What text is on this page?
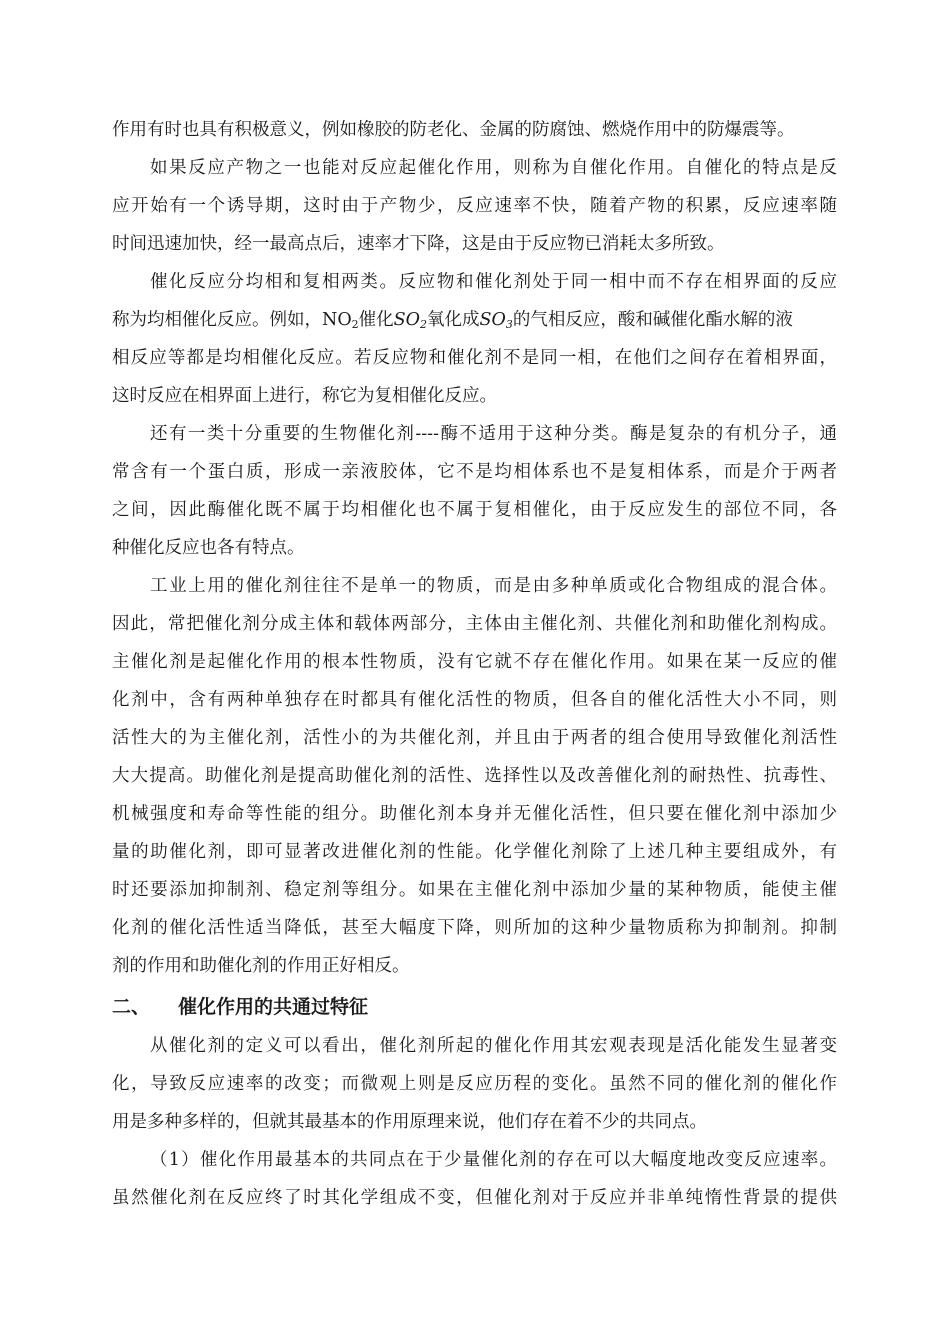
作用有时也具有积极意义，例如橡胶的防老化、金属的防腐蚀、燃烧作用中的防爆震等。
如果反应产物之一也能对反应起催化作用，则称为自催化作用。自催化的特点是反
应开始有一个诱导期，这时由于产物少，反应速率不快，随着产物的积累，反应速率随
时间迅速加快，经一最高点后，速率才下降，这是由于反应物已消耗太多所致。
催化反应分均相和复相两类。反应物和催化剂处于同一相中而不存在相界面的反应
称为均相催化反应。例如，$NO_2$催化$SO_2$氧化成$SO_3$的气相反应，酸和碱催化酯水解的液
相反应等都是均相催化反应。若反应物和催化剂不是同一相，在他们之间存在着相界面，
这时反应在相界面上进行，称它为复相催化反应。
还有一类十分重要的生物催化剂----酶不适用于这种分类。酶是复杂的有机分子，通
常含有一个蛋白质，形成一亲液胶体，它不是均相体系也不是复相体系，而是介于两者
之间，因此酶催化既不属于均相催化也不属于复相催化，由于反应发生的部位不同，各
种催化反应也各有特点。
工业上用的催化剂往往不是单一的物质，而是由多种单质或化合物组成的混合体。
因此，常把催化剂分成主体和载体两部分，主体由主催化剂、共催化剂和助催化剂构成。
主催化剂是起催化作用的根本性物质，没有它就不存在催化作用。如果在某一反应的催
化剂中，含有两种单独存在时都具有催化活性的物质，但各自的催化活性大小不同，则
活性大的为主催化剂，活性小的为共催化剂，并且由于两者的组合使用导致催化剂活性
大大提高。助催化剂是提高助催化剂的活性、选择性以及改善催化剂的耐热性、抗毒性、
机械强度和寿命等性能的组分。助催化剂本身并无催化活性，但只要在催化剂中添加少
量的助催化剂，即可显著改进催化剂的性能。化学催化剂除了上述几种主要组成外，有
时还要添加抑制剂、稳定剂等组分。如果在主催化剂中添加少量的某种物质，能使主催
化剂的催化活性适当降低，甚至大幅度下降，则所加的这种少量物质称为抑制剂。抑制
剂的作用和助催化剂的作用正好相反。
二、 催化作用的共通过特征
从催化剂的定义可以看出，催化剂所起的催化作用其宏观表现是活化能发生显著变
化，导致反应速率的改变；而微观上则是反应历程的变化。虽然不同的催化剂的催化作
用是多种多样的，但就其最基本的作用原理来说，他们存在着不少的共同点。
（1）催化作用最基本的共同点在于少量催化剂的存在可以大幅度地改变反应速率。
虽然催化剂在反应终了时其化学组成不变，但催化剂对于反应并非单纯惰性背景的提供
